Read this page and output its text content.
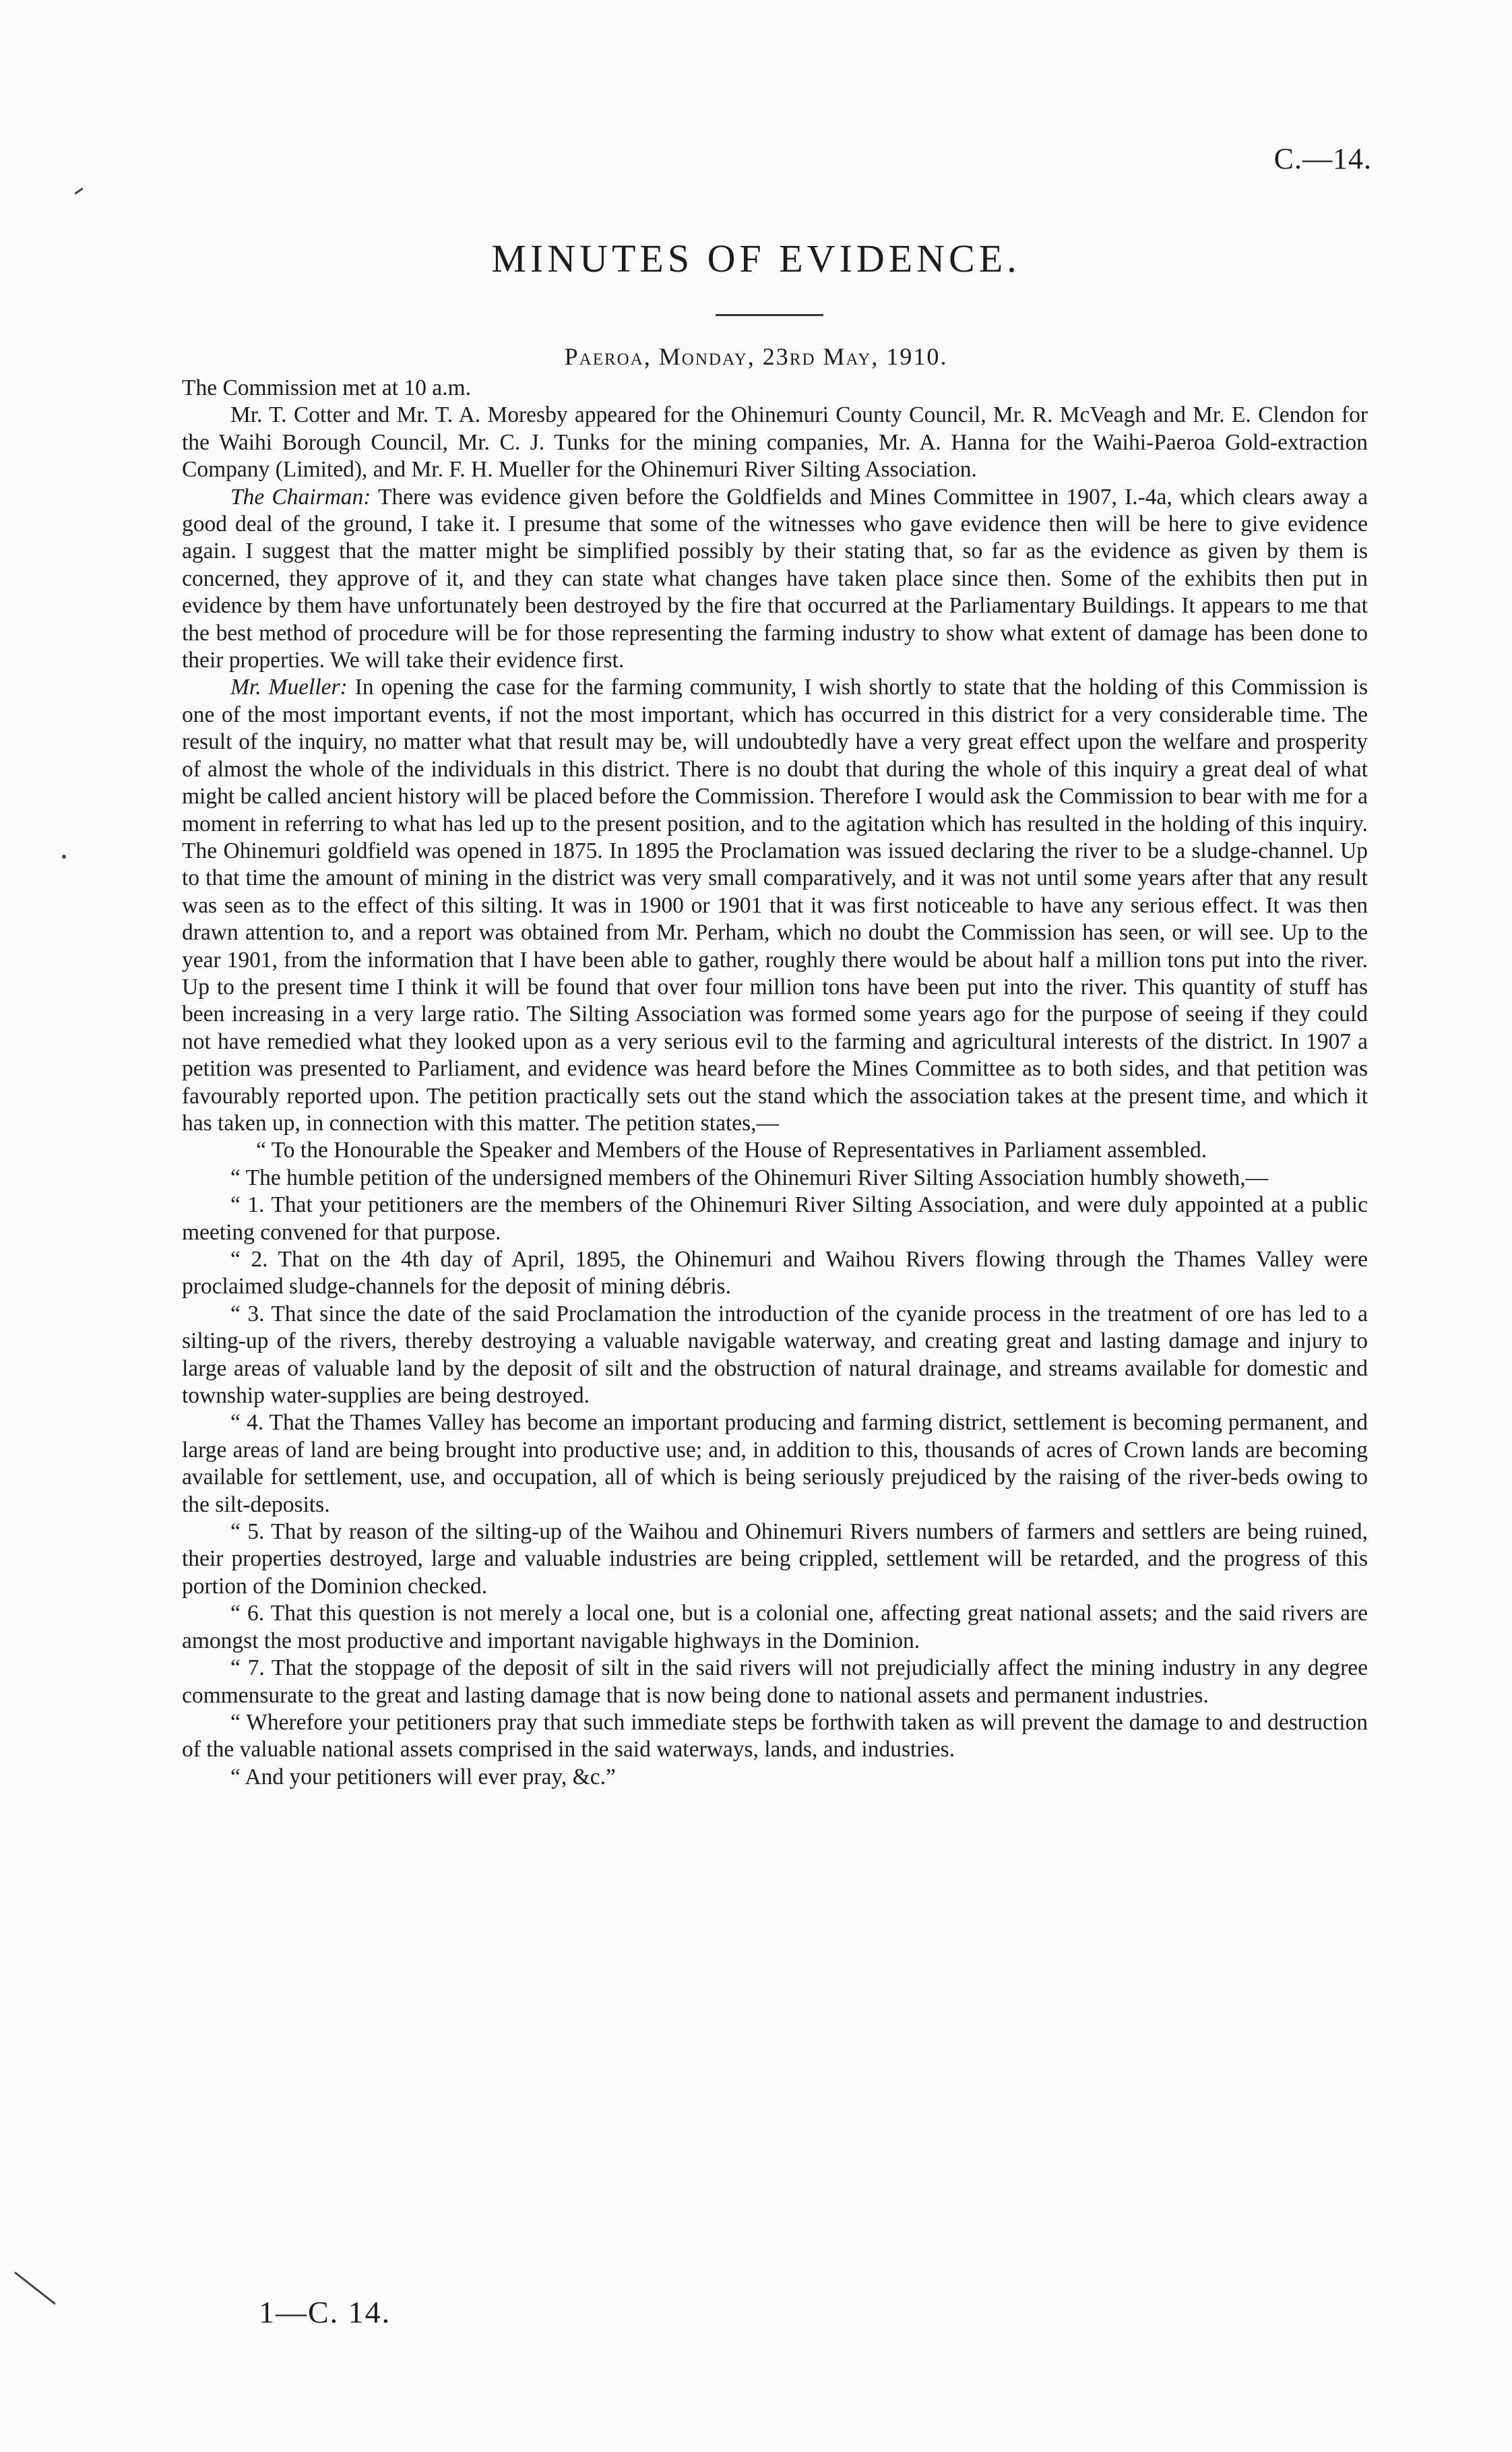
C.—14.
MINUTES OF EVIDENCE.
Paeroa, Monday, 23rd May, 1910.

The Commission met at 10 a.m.

Mr. T. Cotter and Mr. T. A. Moresby appeared for the Ohinemuri County Council, Mr. R. McVeagh and Mr. E. Clendon for the Waihi Borough Council, Mr. C. J. Tunks for the mining companies, Mr. A. Hanna for the Waihi-Paeroa Gold-extraction Company (Limited), and Mr. F. H. Mueller for the Ohinemuri River Silting Association.

The Chairman: There was evidence given before the Goldfields and Mines Committee in 1907, I.-4a, which clears away a good deal of the ground, I take it. I presume that some of the witnesses who gave evidence then will be here to give evidence again. I suggest that the matter might be simplified possibly by their stating that, so far as the evidence as given by them is concerned, they approve of it, and they can state what changes have taken place since then. Some of the exhibits then put in evidence by them have unfortunately been destroyed by the fire that occurred at the Parliamentary Buildings. It appears to me that the best method of procedure will be for those representing the farming industry to show what extent of damage has been done to their properties. We will take their evidence first.

Mr. Mueller: In opening the case for the farming community, I wish shortly to state that the holding of this Commission is one of the most important events, if not the most important, which has occurred in this district for a very considerable time. The result of the inquiry, no matter what that result may be, will undoubtedly have a very great effect upon the welfare and prosperity of almost the whole of the individuals in this district. There is no doubt that during the whole of this inquiry a great deal of what might be called ancient history will be placed before the Commission. Therefore I would ask the Commission to bear with me for a moment in referring to what has led up to the present position, and to the agitation which has resulted in the holding of this inquiry. The Ohinemuri goldfield was opened in 1875. In 1895 the Proclamation was issued declaring the river to be a sludge-channel. Up to that time the amount of mining in the district was very small comparatively, and it was not until some years after that any result was seen as to the effect of this silting. It was in 1900 or 1901 that it was first noticeable to have any serious effect. It was then drawn attention to, and a report was obtained from Mr. Perham, which no doubt the Commission has seen, or will see. Up to the year 1901, from the information that I have been able to gather, roughly there would be about half a million tons put into the river. Up to the present time I think it will be found that over four million tons have been put into the river. This quantity of stuff has been increasing in a very large ratio. The Silting Association was formed some years ago for the purpose of seeing if they could not have remedied what they looked upon as a very serious evil to the farming and agricultural interests of the district. In 1907 a petition was presented to Parliament, and evidence was heard before the Mines Committee as to both sides, and that petition was favourably reported upon. The petition practically sets out the stand which the association takes at the present time, and which it has taken up, in connection with this matter. The petition states,—

“ To the Honourable the Speaker and Members of the House of Representatives in Parliament assembled.

“ The humble petition of the undersigned members of the Ohinemuri River Silting Association humbly showeth,—

“ 1. That your petitioners are the members of the Ohinemuri River Silting Association, and were duly appointed at a public meeting convened for that purpose.

“ 2. That on the 4th day of April, 1895, the Ohinemuri and Waihou Rivers flowing through the Thames Valley were proclaimed sludge-channels for the deposit of mining débris.

“ 3. That since the date of the said Proclamation the introduction of the cyanide process in the treatment of ore has led to a silting-up of the rivers, thereby destroying a valuable navigable waterway, and creating great and lasting damage and injury to large areas of valuable land by the deposit of silt and the obstruction of natural drainage, and streams available for domestic and township water-supplies are being destroyed.

“ 4. That the Thames Valley has become an important producing and farming district, settlement is becoming permanent, and large areas of land are being brought into productive use; and, in addition to this, thousands of acres of Crown lands are becoming available for settlement, use, and occupation, all of which is being seriously prejudiced by the raising of the river-beds owing to the silt-deposits.

“ 5. That by reason of the silting-up of the Waihou and Ohinemuri Rivers numbers of farmers and settlers are being ruined, their properties destroyed, large and valuable industries are being crippled, settlement will be retarded, and the progress of this portion of the Dominion checked.

“ 6. That this question is not merely a local one, but is a colonial one, affecting great national assets; and the said rivers are amongst the most productive and important navigable highways in the Dominion.

“ 7. That the stoppage of the deposit of silt in the said rivers will not prejudicially affect the mining industry in any degree commensurate to the great and lasting damage that is now being done to national assets and permanent industries.

“ Wherefore your petitioners pray that such immediate steps be forthwith taken as will prevent the damage to and destruction of the valuable national assets comprised in the said waterways, lands, and industries.

“ And your petitioners will ever pray, &c.”

1—C. 14.
